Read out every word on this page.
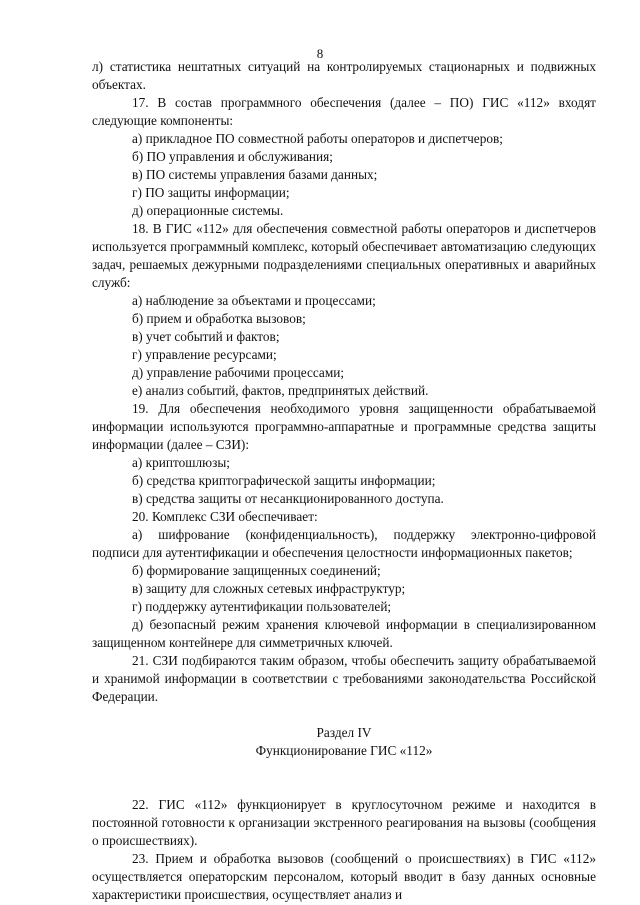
8

л) статистика нештатных ситуаций на контролируемых стационарных и подвижных объектах.

17. В состав программного обеспечения (далее – ПО) ГИС «112» входят следующие компоненты:

а) прикладное ПО совместной работы операторов и диспетчеров;

б) ПО управления и обслуживания;

в) ПО системы управления базами данных;

г) ПО защиты информации;

д) операционные системы.

18. В ГИС «112» для обеспечения совместной работы операторов и диспетчеров используется программный комплекс, который обеспечивает автоматизацию следующих задач, решаемых дежурными подразделениями специальных оперативных и аварийных служб:

а) наблюдение за объектами и процессами;

б) прием и обработка вызовов;

в) учет событий и фактов;

г) управление ресурсами;

д) управление рабочими процессами;

е) анализ событий, фактов, предпринятых действий.

19. Для обеспечения необходимого уровня защищенности обрабатываемой информации используются программно-аппаратные и программные средства защиты информации (далее – СЗИ):

а) криптошлюзы;

б) средства криптографической защиты информации;

в) средства защиты от несанкционированного доступа.

20. Комплекс СЗИ обеспечивает:

а) шифрование (конфиденциальность), поддержку электронно-цифровой подписи для аутентификации и обеспечения целостности информационных пакетов;

б) формирование защищенных соединений;

в) защиту для сложных сетевых инфраструктур;

г) поддержку аутентификации пользователей;

д) безопасный режим хранения ключевой информации в специализированном защищенном контейнере для симметричных ключей.

21. СЗИ подбираются таким образом, чтобы обеспечить защиту обрабатываемой и хранимой информации в соответствии с требованиями законодательства Российской Федерации.

Раздел IV

Функционирование ГИС «112»

22. ГИС «112» функционирует в круглосуточном режиме и находится в постоянной готовности к организации экстренного реагирования на вызовы (сообщения о происшествиях).

23. Прием и обработка вызовов (сообщений о происшествиях) в ГИС «112» осуществляется операторским персоналом, который вводит в базу данных основные характеристики происшествия, осуществляет анализ и
